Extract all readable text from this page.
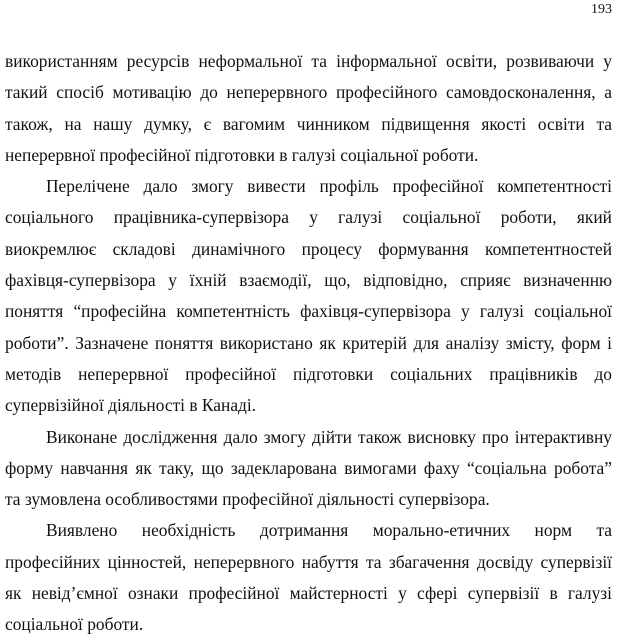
193
використанням ресурсів неформальної та інформальної освіти, розвиваючи у
такий спосіб мотивацію до неперервного професійного самовдосконалення, а
також, на нашу думку, є вагомим чинником підвищення якості освіти та
неперервної професійної підготовки в галузі соціальної роботи.
Перелічене дало змогу вивести профіль професійної компетентності
соціального працівника-супервізора у галузі соціальної роботи, який
виокремлює складові динамічного процесу формування компетентностей
фахівця-супервізора у їхній взаємодії, що, відповідно, сприяє визначенню
поняття “професійна компетентність фахівця-супервізора у галузі соціальної
роботи”. Зазначене поняття використано як критерій для аналізу змісту, форм і
методів неперервної професійної підготовки соціальних працівників до
супервізійної діяльності в Канаді.
Виконане дослідження дало змогу дійти також висновку про інтерактивну
форму навчання як таку, що задекларована вимогами фаху “соціальна робота”
та зумовлена особливостями професійної діяльності супервізора.
Виявлено необхідність дотримання морально-етичних норм та
професійних цінностей, неперервного набуття та збагачення досвіду супервізії
як невід’ємної ознаки професійної майстерності у сфері супервізії в галузі
соціальної роботи.
